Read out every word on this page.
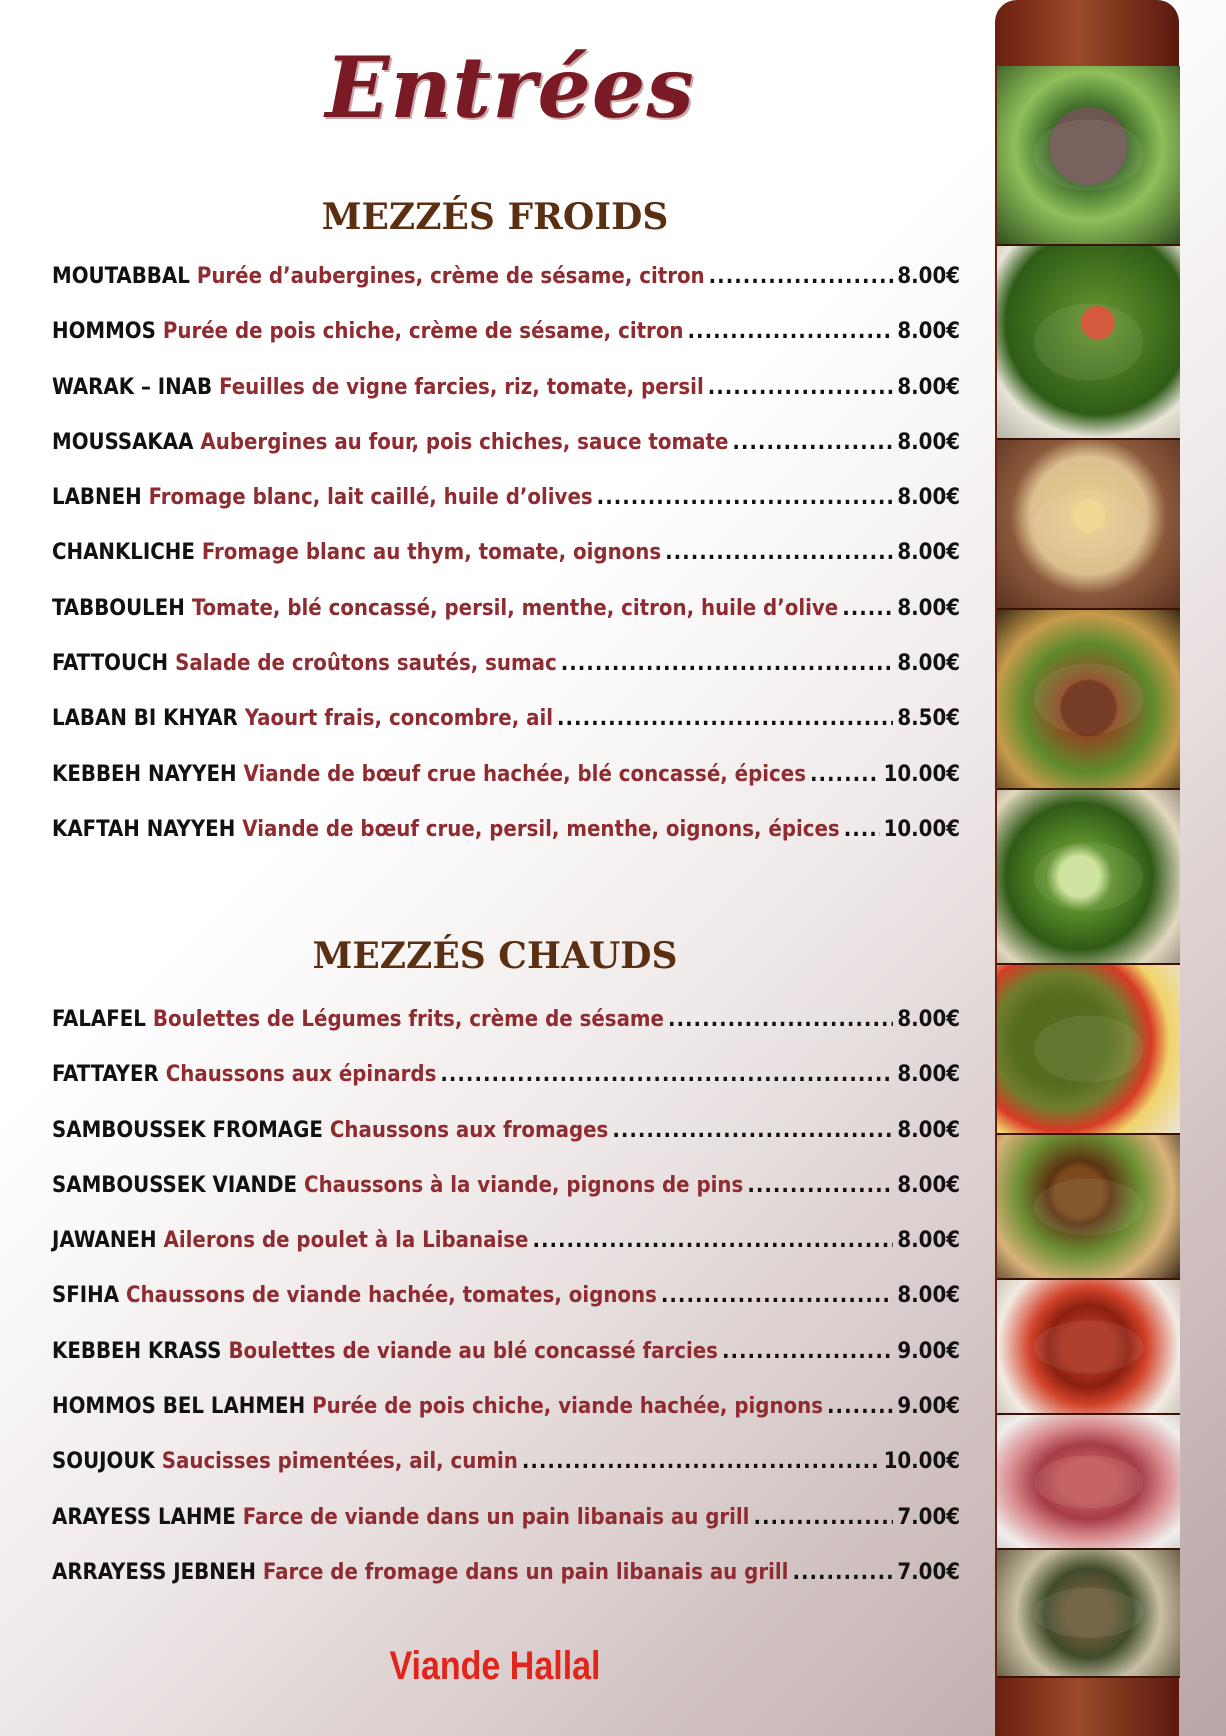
Entrées
MEZZÉS FROIDS
MOUTABBAL Purée d’aubergines, crème de sésame, citron .....	8.00€
HOMMOS Purée de pois chiche, crème de sésame, citron .....	8.00€
WARAK – INAB Feuilles de vigne farcies, riz, tomate, persil .....	8.00€
MOUSSAKAA Aubergines au four, pois chiches, sauce tomate .....	8.00€
LABNEH Fromage blanc, lait caillé, huile d’olives .....	8.00€
CHANKLICHE Fromage blanc au thym, tomate, oignons .....	8.00€
TABBOULEH Tomate, blé concassé, persil, menthe, citron, huile d’olive .....	8.00€
FATTOUCH Salade de croûtons sautés, sumac .....	8.00€
LABAN BI KHYAR Yaourt frais, concombre, ail .....	8.50€
KEBBEH NAYYEH Viande de bœuf crue hachée, blé concassé, épices .....	10.00€
KAFTAH NAYYEH Viande de bœuf crue, persil, menthe, oignons, épices ..... 10.00€
MEZZÉS CHAUDS
FALAFEL Boulettes de Légumes frits, crème de sésame .....	8.00€
FATTAYER Chaussons aux épinards .....	8.00€
SAMBOUSSEK FROMAGE Chaussons aux fromages .....	8.00€
SAMBOUSSEK VIANDE Chaussons à la viande, pignons de pins .....	8.00€
JAWANEH Ailerons de poulet à la Libanaise .....	8.00€
SFIHA Chaussons de viande hachée, tomates, oignons .....	8.00€
KEBBEH KRASS Boulettes de viande au blé concassé farcies .....	9.00€
HOMMOS BEL LAHMEH Purée de pois chiche, viande hachée, pignons .....	9.00€
SOUJOUK Saucisses pimentées, ail, cumin .....	10.00€
ARAYESS LAHME Farce de viande dans un pain libanais au grill .....	7.00€
ARRAYESS JEBNEH Farce de fromage dans un pain libanais au grill .....	7.00€
Viande Hallal
